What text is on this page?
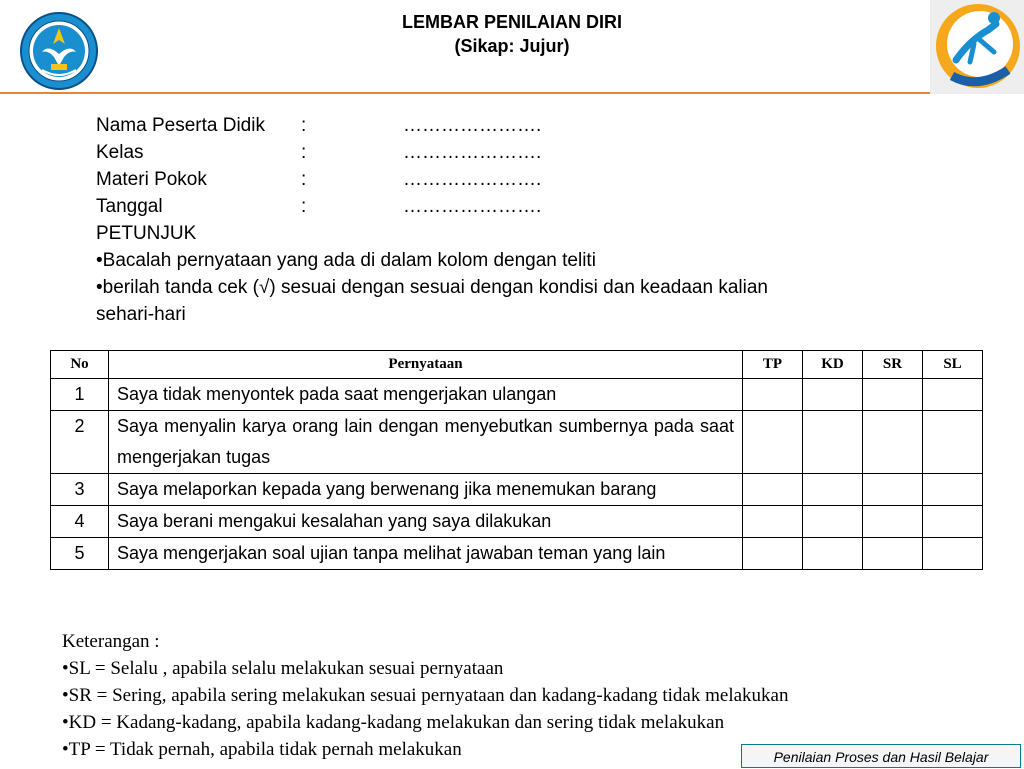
LEMBAR PENILAIAN DIRI
(Sikap: Jujur)
Nama Peserta Didik	:	………………….
Kelas	:	………………….
Materi Pokok	:	………………….
Tanggal	:	………………….
PETUNJUK
•Bacalah pernyataan yang ada di dalam kolom dengan teliti
•berilah tanda cek (√) sesuai dengan sesuai dengan kondisi dan keadaan kalian
sehari-hari
No	Pernyataan	TP	KD	SR	SL
1	Saya tidak menyontek pada saat mengerjakan ulangan				
2	Saya menyalin karya orang lain dengan menyebutkan sumbernya pada saat mengerjakan tugas				
3	Saya melaporkan kepada yang berwenang jika menemukan barang				
4	Saya berani mengakui kesalahan yang saya dilakukan				
5	Saya mengerjakan soal ujian tanpa melihat jawaban teman yang lain				
Keterangan :
•SL = Selalu , apabila selalu melakukan sesuai pernyataan
•SR = Sering, apabila sering melakukan sesuai pernyataan dan kadang-kadang tidak melakukan
•KD = Kadang-kadang, apabila kadang-kadang melakukan dan sering tidak melakukan
•TP = Tidak pernah, apabila tidak pernah melakukan	Penilaian Proses dan Hasil Belajar
